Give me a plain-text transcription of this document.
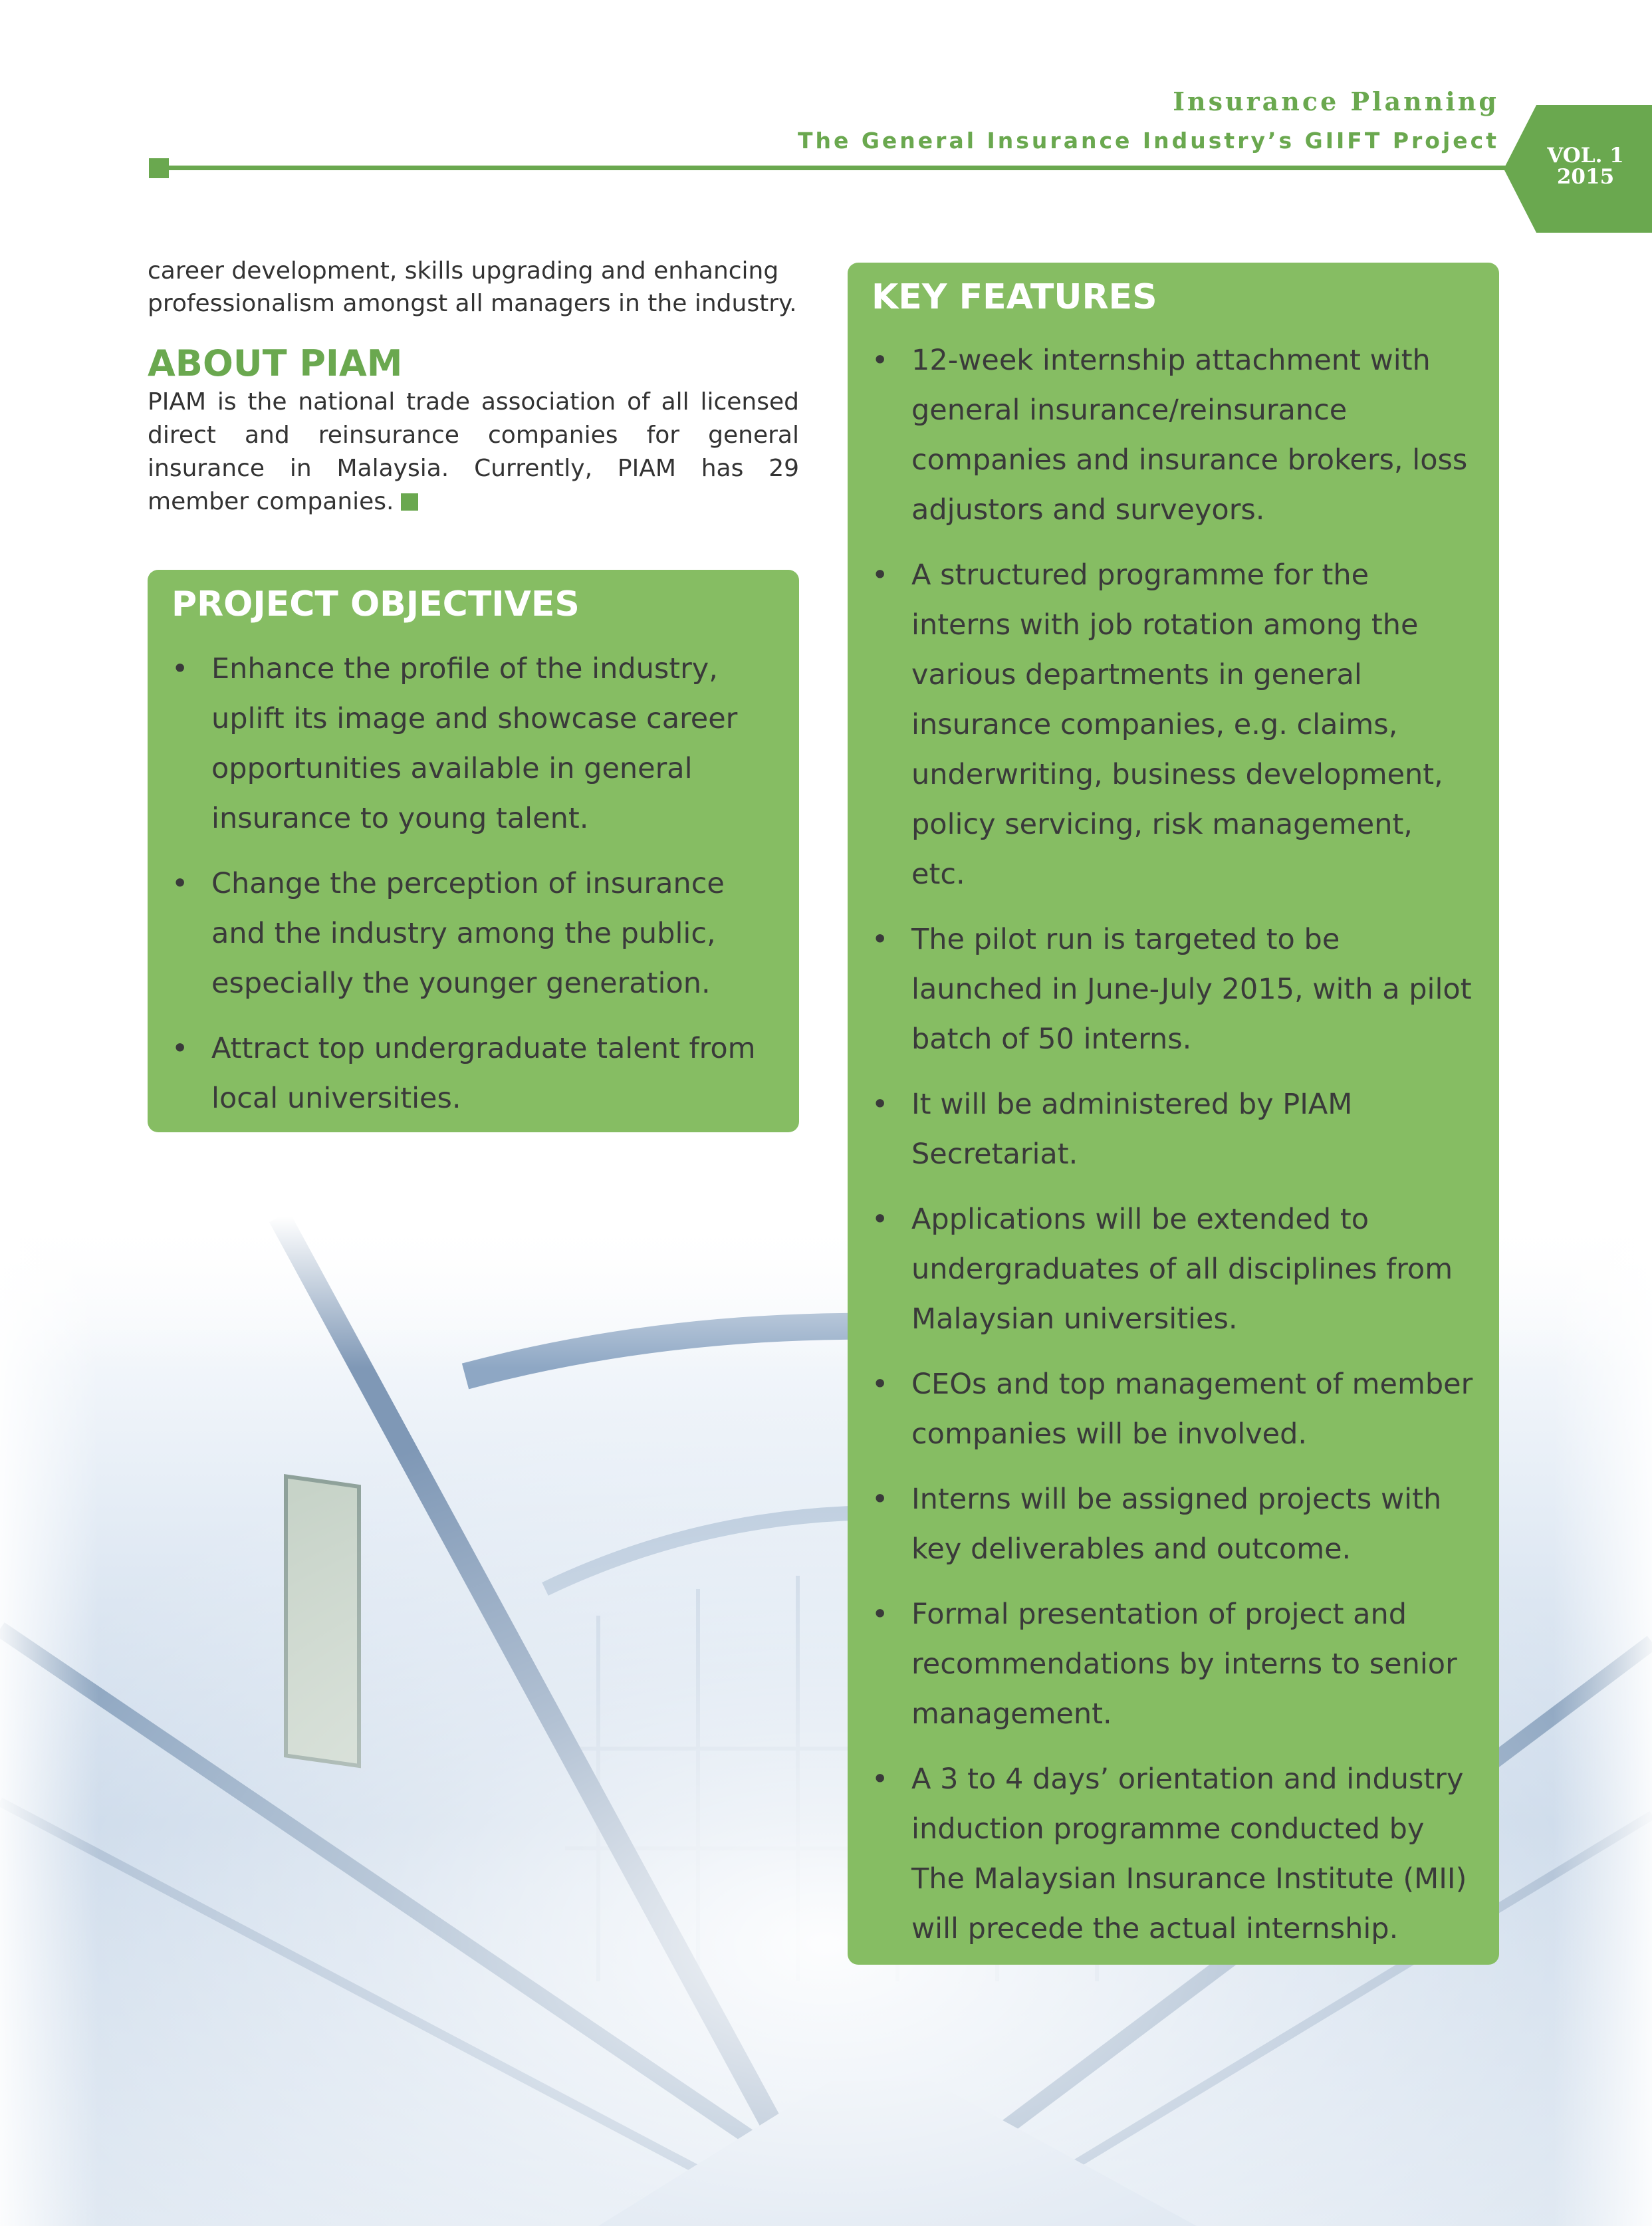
Insurance Planning
The General Insurance Industry’s GIIFT Project
VOL. 1
2015

career development, skills upgrading and enhancing professionalism amongst all managers in the industry.

ABOUT PIAM

PIAM is the national trade association of all licensed direct and reinsurance companies for general insurance in Malaysia. Currently, PIAM has 29 member companies.

PROJECT OBJECTIVES
• Enhance the profile of the industry, uplift its image and showcase career opportunities available in general insurance to young talent.
• Change the perception of insurance and the industry among the public, especially the younger generation.
• Attract top undergraduate talent from local universities.
KEY FEATURES
• 12-week internship attachment with general insurance/reinsurance companies and insurance brokers, loss adjustors and surveyors.
• A structured programme for the interns with job rotation among the various departments in general insurance companies, e.g. claims, underwriting, business development, policy servicing, risk management, etc.
• The pilot run is targeted to be launched in June-July 2015, with a pilot batch of 50 interns.
• It will be administered by PIAM Secretariat.
• Applications will be extended to undergraduates of all disciplines from Malaysian universities.
• CEOs and top management of member companies will be involved.
• Interns will be assigned projects with key deliverables and outcome.
• Formal presentation of project and recommendations by interns to senior management.
• A 3 to 4 days’ orientation and industry induction programme conducted by The Malaysian Insurance Institute (MII) will precede the actual internship.
